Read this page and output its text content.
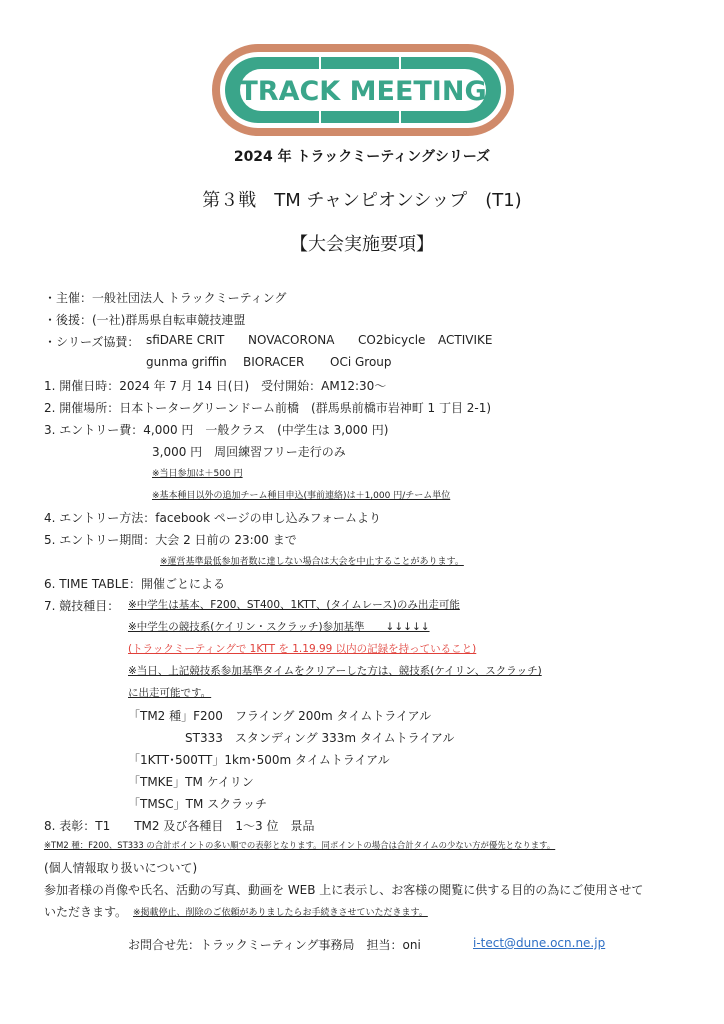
TRACK MEETING
2024 年 トラックミーティングシリーズ
第３戦　TM チャンピオンシップ　(T1)
【大会実施要項】
・主催：一般社団法人 トラックミーティング
・後援：(一社)群馬県自転車競技連盟
・シリーズ協賛： sfiDARE CRIT NOVACORONA CO2bicycle ACTIVIKE
gunma griffin BIORACER OCi Group
1. 開催日時：2024 年 7 月 14 日(日)　受付開始：AM12:30～
2. 開催場所：日本トーターグリーンドーム前橋　(群馬県前橋市岩神町 1 丁目 2-1)
3. エントリー費：4,000 円　一般クラス　(中学生は 3,000 円)
3,000 円　周回練習フリー走行のみ
※当日参加は＋500 円
※基本種目以外の追加チーム種目申込(事前連絡)は＋1,000 円/チーム単位
4. エントリー方法：facebook ページの申し込みフォームより
5. エントリー期間：大会 2 日前の 23:00 まで
※運営基準最低参加者数に達しない場合は大会を中止することがあります。
6. TIME TABLE：開催ごとによる
7. 競技種目： ※中学生は基本、F200、ST400、1KTT、(タイムレース)のみ出走可能
※中学生の競技系(ケイリン・スクラッチ)参加基準　　↓↓↓↓↓
(トラックミーティングで 1KTT を 1.19.99 以内の記録を持っていること)
※当日、上記競技系参加基準タイムをクリアーした方は、競技系(ケイリン、スクラッチ)
に出走可能です。
「TM2 種」F200　フライング 200m タイムトライアル
ST333　スタンディング 333m タイムトライアル
「1KTT･500TT」1km･500m タイムトライアル
「TMKE」TM ケイリン
「TMSC」TM スクラッチ
8. 表彰：T1　　TM2 及び各種目　1～3 位　景品
※TM2 種：F200、ST333 の合計ポイントの多い順での表彰となります。同ポイントの場合は合計タイムの少ない方が優先となります。
(個人情報取り扱いについて)
参加者様の肖像や氏名、活動の写真、動画を WEB 上に表示し、お客様の閲覧に供する目的の為にご使用させて
いただきます。 ※掲載停止、削除のご依頼がありましたらお手続きさせていただきます。
お問合せ先：トラックミーティング事務局　担当：oni	i-tect@dune.ocn.ne.jp
